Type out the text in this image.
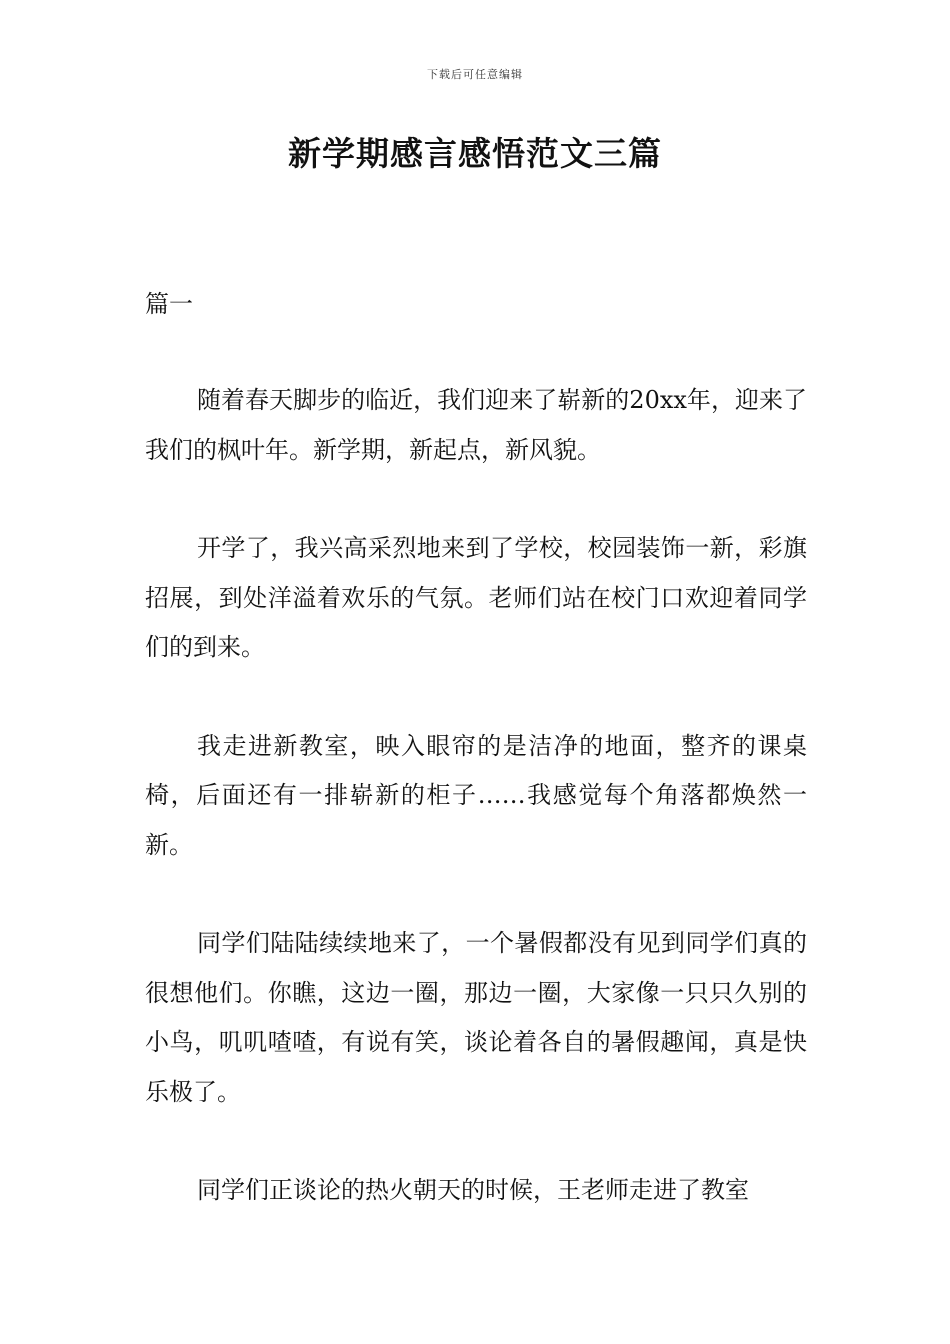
下载后可任意编辑
新学期感言感悟范文三篇
篇一

随着春天脚步的临近，我们迎来了崭新的20xx年，迎来了我们的枫叶年。新学期，新起点，新风貌。

开学了，我兴高采烈地来到了学校，校园装饰一新，彩旗招展，到处洋溢着欢乐的气氛。老师们站在校门口欢迎着同学们的到来。

我走进新教室，映入眼帘的是洁净的地面，整齐的课桌椅，后面还有一排崭新的柜子……我感觉每个角落都焕然一新。

同学们陆陆续续地来了，一个暑假都没有见到同学们真的很想他们。你瞧，这边一圈，那边一圈，大家像一只只久别的小鸟，叽叽喳喳，有说有笑，谈论着各自的暑假趣闻，真是快乐极了。

同学们正谈论的热火朝天的时候，王老师走进了教室
